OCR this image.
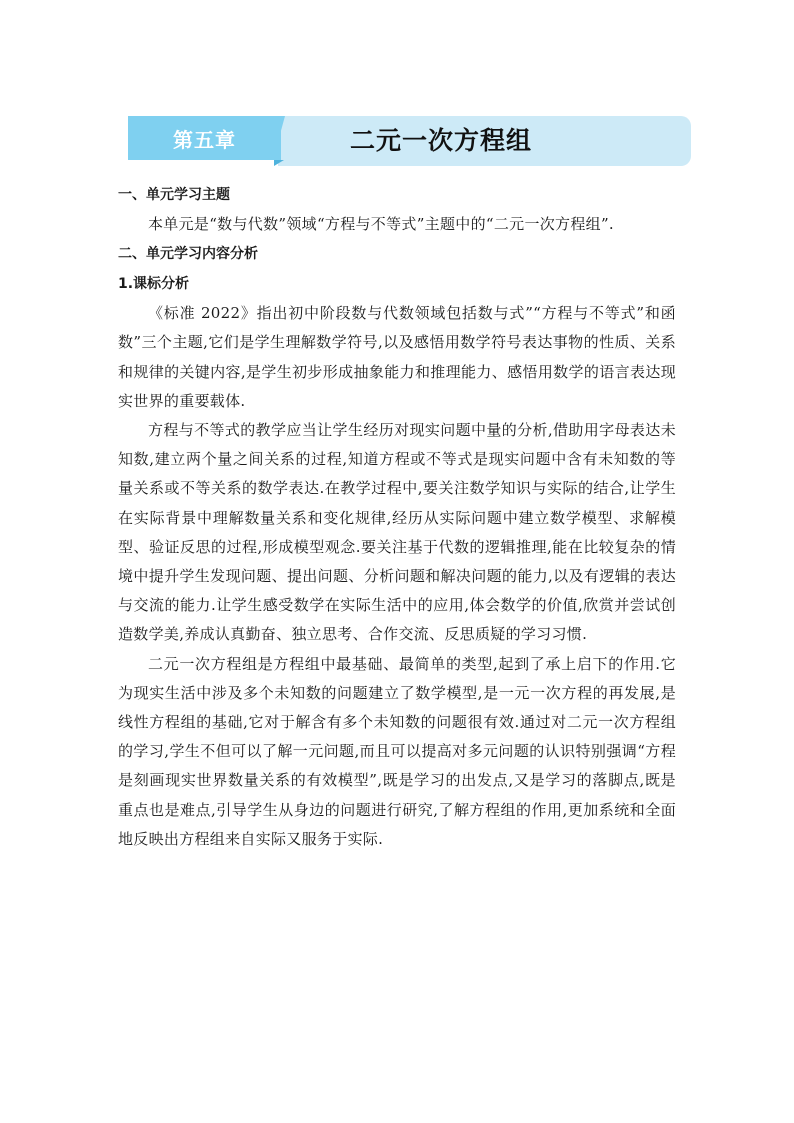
第五章	二元一次方程组

一、单元学习主题

本单元是“数与代数”领域“方程与不等式”主题中的“二元一次方程组”.

二、单元学习内容分析

1.课标分析

《标准 2022》指出初中阶段数与代数领域包括数与式”“方程与不等式”和函数”三个主题,它们是学生理解数学符号,以及感悟用数学符号表达事物的性质、关系和规律的关键内容,是学生初步形成抽象能力和推理能力、感悟用数学的语言表达现实世界的重要载体.

方程与不等式的教学应当让学生经历对现实问题中量的分析,借助用字母表达未知数,建立两个量之间关系的过程,知道方程或不等式是现实问题中含有未知数的等量关系或不等关系的数学表达.在教学过程中,要关注数学知识与实际的结合,让学生在实际背景中理解数量关系和变化规律,经历从实际问题中建立数学模型、求解模型、验证反思的过程,形成模型观念.要关注基于代数的逻辑推理,能在比较复杂的情境中提升学生发现问题、提出问题、分析问题和解决问题的能力,以及有逻辑的表达与交流的能力.让学生感受数学在实际生活中的应用,体会数学的价值,欣赏并尝试创造数学美,养成认真勤奋、独立思考、合作交流、反思质疑的学习习惯.

二元一次方程组是方程组中最基础、最简单的类型,起到了承上启下的作用.它为现实生活中涉及多个未知数的问题建立了数学模型,是一元一次方程的再发展,是线性方程组的基础,它对于解含有多个未知数的问题很有效.通过对二元一次方程组的学习,学生不但可以了解一元问题,而且可以提高对多元问题的认识特别强调“方程是刻画现实世界数量关系的有效模型”,既是学习的出发点,又是学习的落脚点,既是重点也是难点,引导学生从身边的问题进行研究,了解方程组的作用,更加系统和全面地反映出方程组来自实际又服务于实际.
